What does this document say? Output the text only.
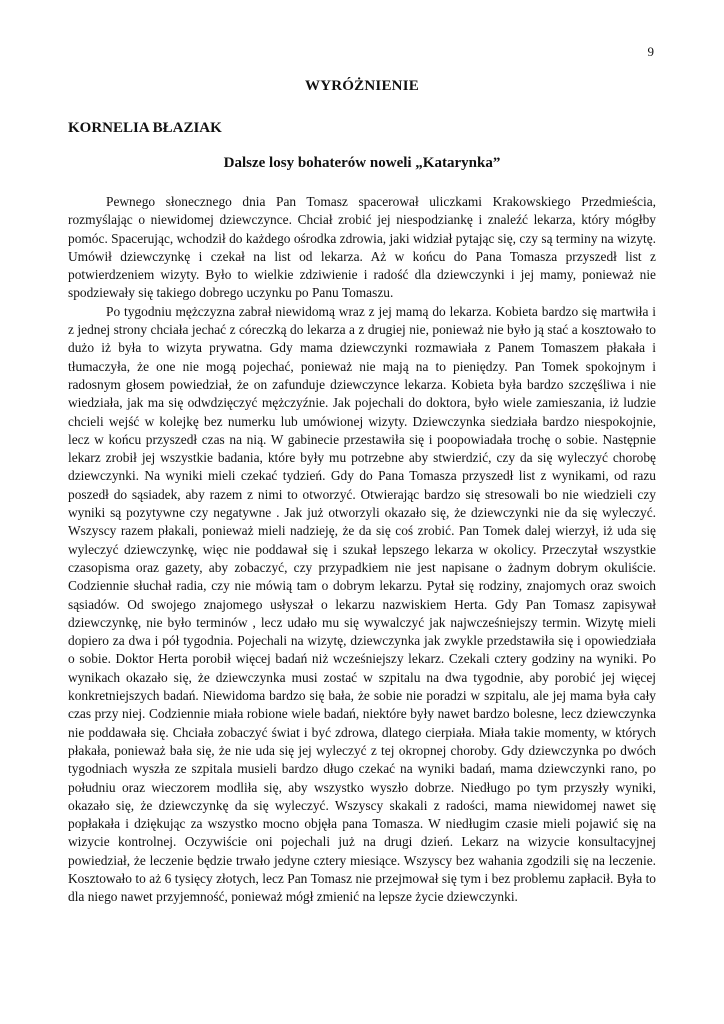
9
WYRÓŻNIENIE
KORNELIA BŁAZIAK
Dalsze losy bohaterów noweli „Katarynka”

Pewnego słonecznego dnia Pan Tomasz spacerował uliczkami Krakowskiego Przedmieścia, rozmyślając o niewidomej dziewczynce. Chciał zrobić jej niespodziankę i znaleźć lekarza, który mógłby pomóc. Spacerując, wchodził do każdego ośrodka zdrowia, jaki widział pytając się, czy są terminy na wizytę. Umówił dziewczynkę i czekał na list od lekarza. Aż w końcu do Pana Tomasza przyszedł list z potwierdzeniem wizyty. Było to wielkie zdziwienie i radość dla dziewczynki i jej mamy, ponieważ nie spodziewały się takiego dobrego uczynku po Panu Tomaszu.

Po tygodniu mężczyzna zabrał niewidomą wraz z jej mamą do lekarza. Kobieta bardzo się martwiła i z jednej strony chciała jechać z córeczką do lekarza a z drugiej nie, ponieważ nie było ją stać a kosztowało to dużo iż była to wizyta prywatna. Gdy mama dziewczynki rozmawiała z Panem Tomaszem płakała i tłumaczyła, że one nie mogą pojechać, ponieważ nie mają na to pieniędzy. Pan Tomek spokojnym i radosnym głosem powiedział, że on zafunduje dziewczynce lekarza. Kobieta była bardzo szczęśliwa i nie wiedziała, jak ma się odwdzięczyć mężczyźnie. Jak pojechali do doktora, było wiele zamieszania, iż ludzie chcieli wejść w kolejkę bez numerku lub umówionej wizyty. Dziewczynka siedziała bardzo niespokojnie, lecz w końcu przyszedł czas na nią. W gabinecie przestawiła się i poopowiadała trochę o sobie. Następnie lekarz zrobił jej wszystkie badania, które były mu potrzebne aby stwierdzić, czy da się wyleczyć chorobę dziewczynki. Na wyniki mieli czekać tydzień. Gdy do Pana Tomasza przyszedł list z wynikami, od razu poszedł do sąsiadek, aby razem z nimi to otworzyć. Otwierając bardzo się stresowali bo nie wiedzieli czy wyniki są pozytywne czy negatywne . Jak już otworzyli okazało się, że dziewczynki nie da się wyleczyć. Wszyscy razem płakali, ponieważ mieli nadzieję, że da się coś zrobić. Pan Tomek dalej wierzył, iż uda się wyleczyć dziewczynkę, więc nie poddawał się i szukał lepszego lekarza w okolicy. Przeczytał wszystkie czasopisma oraz gazety, aby zobaczyć, czy przypadkiem nie jest napisane o żadnym dobrym okuliście. Codziennie słuchał radia, czy nie mówią tam o dobrym lekarzu. Pytał się rodziny, znajomych oraz swoich sąsiadów. Od swojego znajomego usłyszał o lekarzu nazwiskiem Herta. Gdy Pan Tomasz zapisywał dziewczynkę, nie było terminów , lecz udało mu się wywalczyć jak najwcześniejszy termin. Wizytę mieli dopiero za dwa i pół tygodnia. Pojechali na wizytę, dziewczynka jak zwykle przedstawiła się i opowiedziała o sobie. Doktor Herta porobił więcej badań niż wcześniejszy lekarz. Czekali cztery godziny na wyniki. Po wynikach okazało się, że dziewczynka musi zostać w szpitalu na dwa tygodnie, aby porobić jej więcej konkretniejszych badań. Niewidoma bardzo się bała, że sobie nie poradzi w szpitalu, ale jej mama była cały czas przy niej. Codziennie miała robione wiele badań, niektóre były nawet bardzo bolesne, lecz dziewczynka nie poddawała się. Chciała zobaczyć świat i być zdrowa, dlatego cierpiała. Miała takie momenty, w których płakała, ponieważ bała się, że nie uda się jej wyleczyć z tej okropnej choroby. Gdy dziewczynka po dwóch tygodniach wyszła ze szpitala musieli bardzo długo czekać na wyniki badań, mama dziewczynki rano, po południu oraz wieczorem modliła się, aby wszystko wyszło dobrze. Niedługo po tym przyszły wyniki, okazało się, że dziewczynkę da się wyleczyć. Wszyscy skakali z radości, mama niewidomej nawet się popłakała i dziękując za wszystko mocno objęła pana Tomasza. W niedługim czasie mieli pojawić się na wizycie kontrolnej. Oczywiście oni pojechali już na drugi dzień. Lekarz na wizycie konsultacyjnej powiedział, że leczenie będzie trwało jedyne cztery miesiące. Wszyscy bez wahania zgodzili się na leczenie. Kosztowało to aż 6 tysięcy złotych, lecz Pan Tomasz nie przejmował się tym i bez problemu zapłacił. Była to dla niego nawet przyjemność, ponieważ mógł zmienić na lepsze życie dziewczynki.
